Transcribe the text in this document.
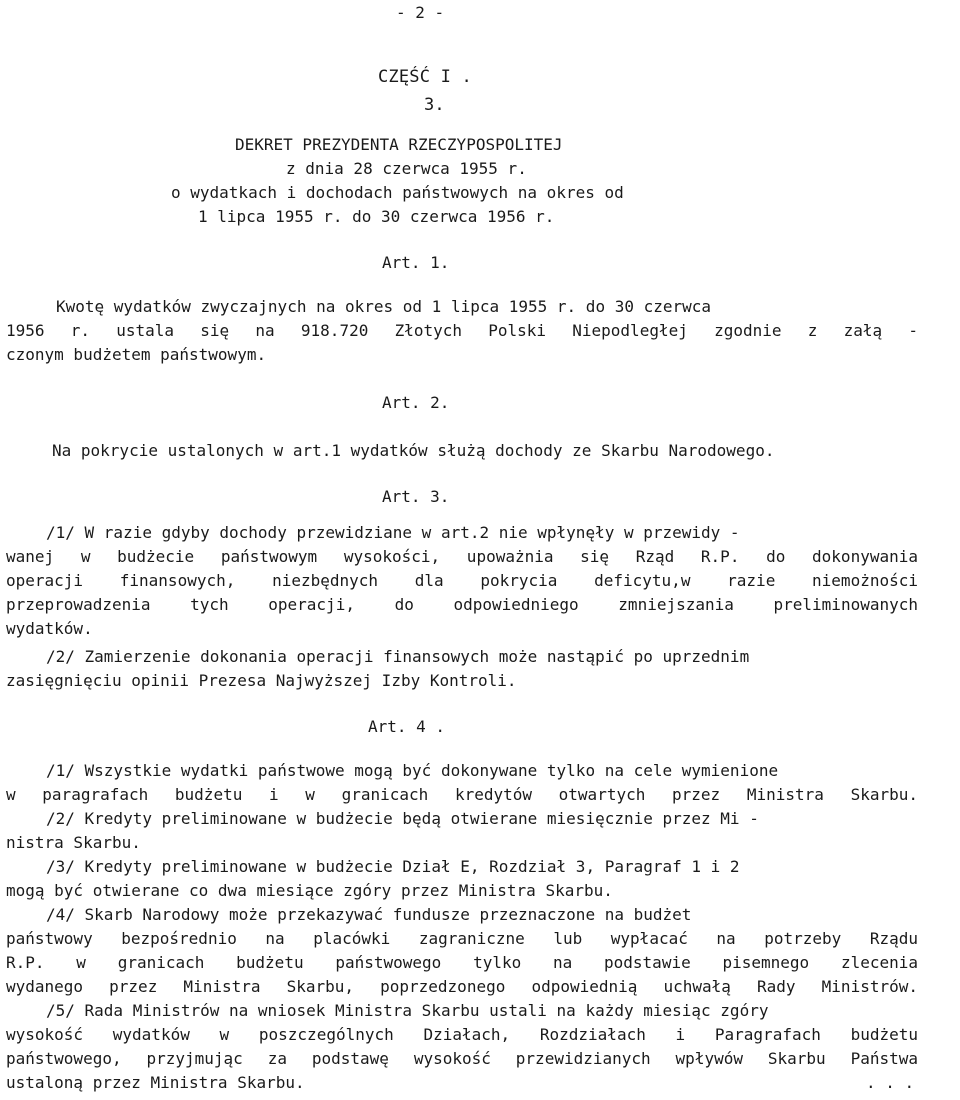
- 2 -
CZĘŚĆ I .
3.
DEKRET PREZYDENTA RZECZYPOSPOLITEJ
z dnia 28 czerwca 1955 r.
o wydatkach i dochodach państwowych na okres od
1 lipca 1955 r. do 30 czerwca 1956 r.
Art. 1.
Kwotę wydatków zwyczajnych na okres od 1 lipca 1955 r. do 30 czerwca
1956 r. ustala się na 918.720 Złotych Polski Niepodległej zgodnie z załą -
czonym budżetem państwowym.
Art. 2.
Na pokrycie ustalonych w art.1 wydatków służą dochody ze Skarbu Narodowego.
Art. 3.
/1/ W razie gdyby dochody przewidziane w art.2 nie wpłynęły w przewidy -
wanej w budżecie państwowym wysokości, upoważnia się Rząd R.P. do dokonywania
operacji finansowych, niezbędnych dla pokrycia deficytu,w razie niemożności
przeprowadzenia tych operacji, do odpowiedniego zmniejszania preliminowanych
wydatków.
/2/ Zamierzenie dokonania operacji finansowych może nastąpić po uprzednim
zasięgnięciu opinii Prezesa Najwyższej Izby Kontroli.
Art. 4 .
/1/ Wszystkie wydatki państwowe mogą być dokonywane tylko na cele wymienione
w paragrafach budżetu i w granicach kredytów otwartych przez Ministra Skarbu.
/2/ Kredyty preliminowane w budżecie będą otwierane miesięcznie przez Mi -
nistra Skarbu.
/3/ Kredyty preliminowane w budżecie Dział E, Rozdział 3, Paragraf 1 i 2
mogą być otwierane co dwa miesiące zgóry przez Ministra Skarbu.
/4/ Skarb Narodowy może przekazywać fundusze przeznaczone na budżet
państwowy bezpośrednio na placówki zagraniczne lub wypłacać na potrzeby Rządu
R.P. w granicach budżetu państwowego tylko na podstawie pisemnego zlecenia
wydanego przez Ministra Skarbu, poprzedzonego odpowiednią uchwałą Rady Ministrów.
/5/ Rada Ministrów na wniosek Ministra Skarbu ustali na każdy miesiąc zgóry
wysokość wydatków w poszczególnych Działach, Rozdziałach i Paragrafach budżetu
państwowego, przyjmując za podstawę wysokość przewidzianych wpływów Skarbu Państwa
ustaloną przez Ministra Skarbu.	. . .
